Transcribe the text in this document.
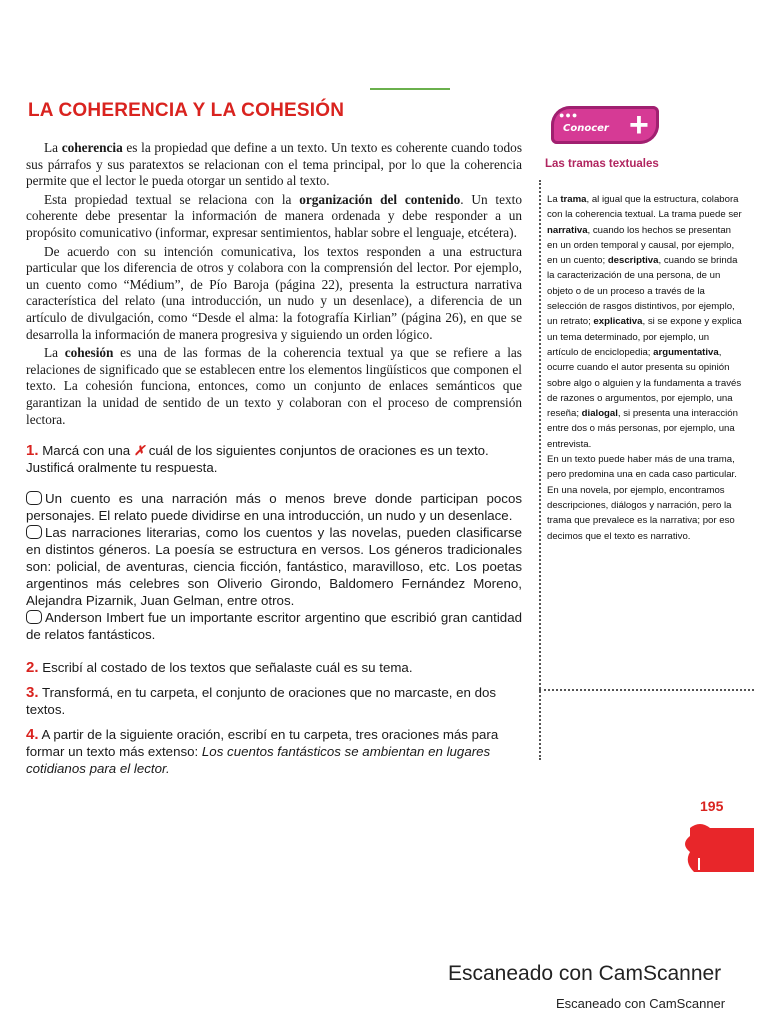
LA COHERENCIA Y LA COHESIÓN

La coherencia es la propiedad que define a un texto. Un texto es coherente cuando todos sus párrafos y sus paratextos se relacionan con el tema principal, por lo que la coherencia permite que el lector le pueda otorgar un sentido al texto.

Esta propiedad textual se relaciona con la organización del contenido. Un texto coherente debe presentar la información de manera ordenada y debe responder a un propósito comunicativo (informar, expresar sentimientos, hablar sobre el lenguaje, etcétera).

De acuerdo con su intención comunicativa, los textos responden a una estructura particular que los diferencia de otros y colabora con la comprensión del lector. Por ejemplo, un cuento como “Médium”, de Pío Baroja (página 22), presenta la estructura narrativa característica del relato (una introducción, un nudo y un desenlace), a diferencia de un artículo de divulgación, como “Desde el alma: la fotografía Kirlian” (página 26), en que se desarrolla la información de manera progresiva y siguiendo un orden lógico.

La cohesión es una de las formas de la coherencia textual ya que se refiere a las relaciones de significado que se establecen entre los elementos lingüísticos que componen el texto. La cohesión funciona, entonces, como un conjunto de enlaces semánticos que garantizan la unidad de sentido de un texto y colaboran con el proceso de comprensión lectora.

1. Marcá con una ✗ cuál de los siguientes conjuntos de oraciones es un texto. Justificá oralmente tu respuesta.
Un cuento es una narración más o menos breve donde participan pocos personajes. El relato puede dividirse en una introducción, un nudo y un desenlace.
Las narraciones literarias, como los cuentos y las novelas, pueden clasificarse en distintos géneros. La poesía se estructura en versos. Los géneros tradicionales son: policial, de aventuras, ciencia ficción, fantástico, maravilloso, etc. Los poetas argentinos más celebres son Oliverio Girondo, Baldomero Fernández Moreno, Alejandra Pizarnik, Juan Gelman, entre otros.
Anderson Imbert fue un importante escritor argentino que escribió gran cantidad de relatos fantásticos.
2. Escribí al costado de los textos que señalaste cuál es su tema.
3. Transformá, en tu carpeta, el conjunto de oraciones que no marcaste, en dos textos.
4. A partir de la siguiente oración, escribí en tu carpeta, tres oraciones más para formar un texto más extenso: Los cuentos fantásticos se ambientan en lugares cotidianos para el lector.
●●●
Conocer +
Las tramas textuales

La trama, al igual que la estructura, colabora con la coherencia textual. La trama puede ser narrativa, cuando los hechos se presentan en un orden temporal y causal, por ejemplo, en un cuento; descriptiva, cuando se brinda la caracterización de una persona, de un objeto o de un proceso a través de la selección de rasgos distintivos, por ejemplo, un retrato; explicativa, si se expone y explica un tema determinado, por ejemplo, un artículo de enciclopedia; argumentativa, ocurre cuando el autor presenta su opinión sobre algo o alguien y la fundamenta a través de razones o argumentos, por ejemplo, una reseña; dialogal, si presenta una interacción entre dos o más personas, por ejemplo, una entrevista.

En un texto puede haber más de una trama, pero predomina una en cada caso particular. En una novela, por ejemplo, encontramos descripciones, diálogos y narración, pero la trama que prevalece es la narrativa; por eso decimos que el texto es narrativo.

195
Escaneado con CamScanner
Escaneado con CamScanner
